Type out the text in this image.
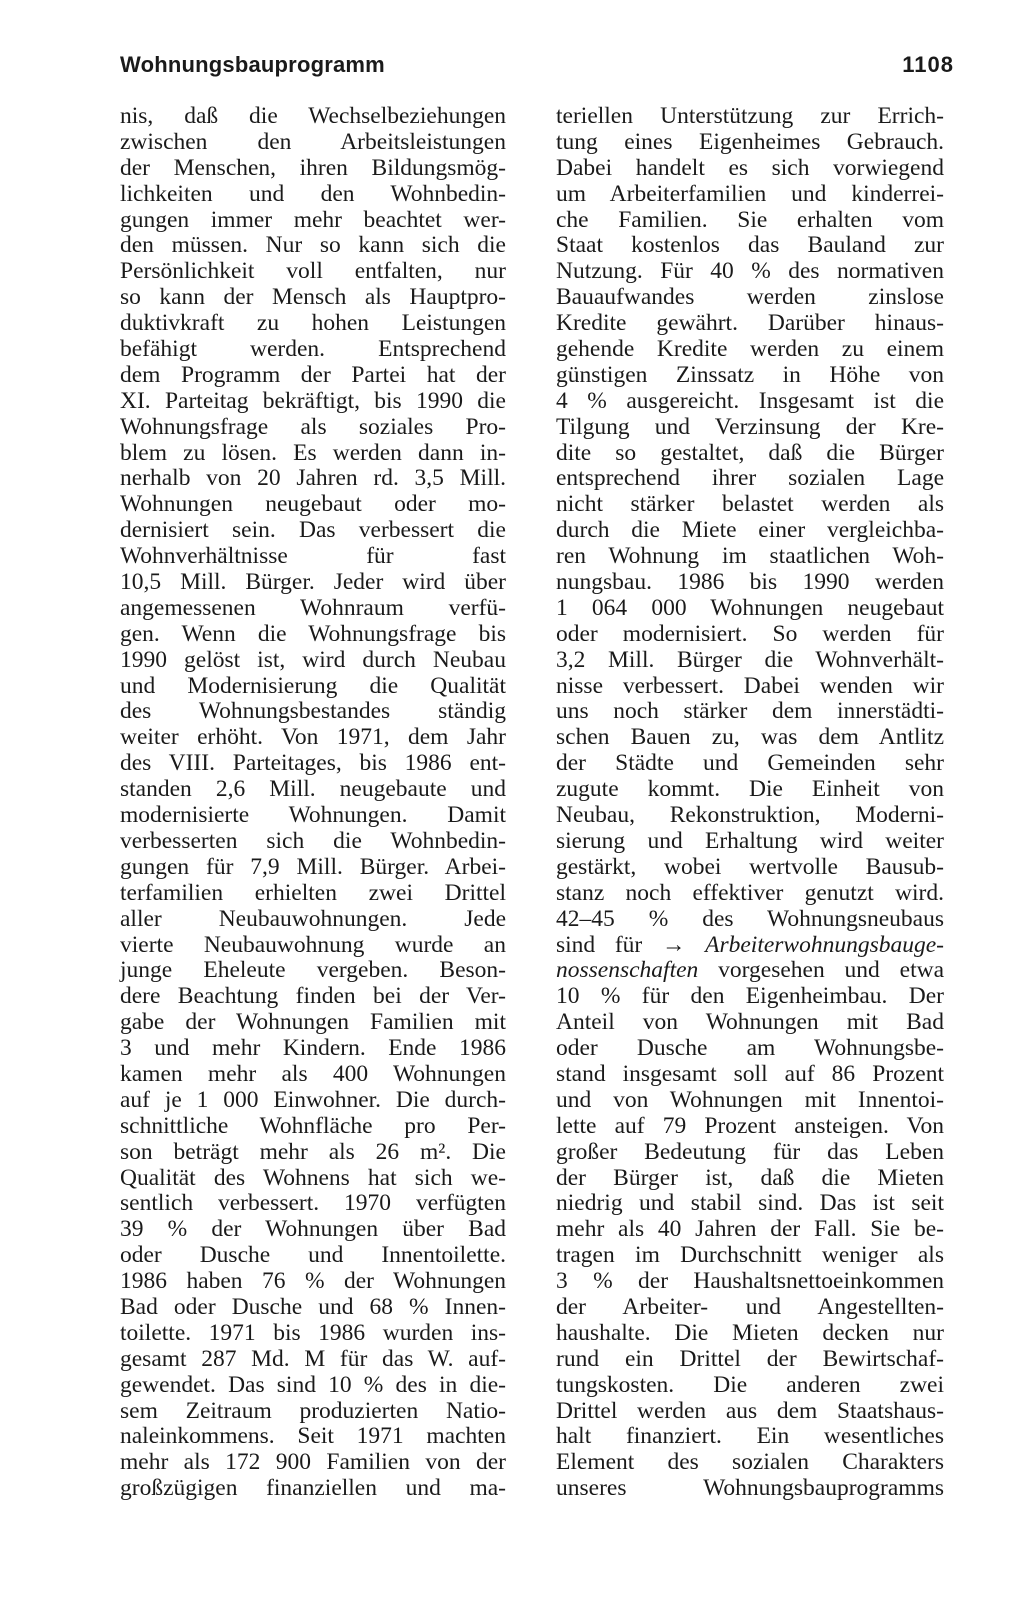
Wohnungsbauprogramm	1108
nis, daß die Wechselbeziehungen
zwischen den Arbeitsleistungen
der Menschen, ihren Bildungsmög-
lichkeiten und den Wohnbedin-
gungen immer mehr beachtet wer-
den müssen. Nur so kann sich die
Persönlichkeit voll entfalten, nur
so kann der Mensch als Hauptpro-
duktivkraft zu hohen Leistungen
befähigt werden. Entsprechend
dem Programm der Partei hat der
XI. Parteitag bekräftigt, bis 1990 die
Wohnungsfrage als soziales Pro-
blem zu lösen. Es werden dann in-
nerhalb von 20 Jahren rd. 3,5 Mill.
Wohnungen neugebaut oder mo-
dernisiert sein. Das verbessert die
Wohnverhältnisse für fast
10,5 Mill. Bürger. Jeder wird über
angemessenen Wohnraum verfü-
gen. Wenn die Wohnungsfrage bis
1990 gelöst ist, wird durch Neubau
und Modernisierung die Qualität
des Wohnungsbestandes ständig
weiter erhöht. Von 1971, dem Jahr
des VIII. Parteitages, bis 1986 ent-
standen 2,6 Mill. neugebaute und
modernisierte Wohnungen. Damit
verbesserten sich die Wohnbedin-
gungen für 7,9 Mill. Bürger. Arbei-
terfamilien erhielten zwei Drittel
aller Neubauwohnungen. Jede
vierte Neubauwohnung wurde an
junge Eheleute vergeben. Beson-
dere Beachtung finden bei der Ver-
gabe der Wohnungen Familien mit
3 und mehr Kindern. Ende 1986
kamen mehr als 400 Wohnungen
auf je 1 000 Einwohner. Die durch-
schnittliche Wohnfläche pro Per-
son beträgt mehr als 26 m². Die
Qualität des Wohnens hat sich we-
sentlich verbessert. 1970 verfügten
39 % der Wohnungen über Bad
oder Dusche und Innentoilette.
1986 haben 76 % der Wohnungen
Bad oder Dusche und 68 % Innen-
toilette. 1971 bis 1986 wurden ins-
gesamt 287 Md. M für das W. auf-
gewendet. Das sind 10 % des in die-
sem Zeitraum produzierten Natio-
naleinkommens. Seit 1971 machten
mehr als 172 900 Familien von der
großzügigen finanziellen und ma-
teriellen Unterstützung zur Errich-
tung eines Eigenheimes Gebrauch.
Dabei handelt es sich vorwiegend
um Arbeiterfamilien und kinderrei-
che Familien. Sie erhalten vom
Staat kostenlos das Bauland zur
Nutzung. Für 40 % des normativen
Bauaufwandes werden zinslose
Kredite gewährt. Darüber hinaus-
gehende Kredite werden zu einem
günstigen Zinssatz in Höhe von
4 % ausgereicht. Insgesamt ist die
Tilgung und Verzinsung der Kre-
dite so gestaltet, daß die Bürger
entsprechend ihrer sozialen Lage
nicht stärker belastet werden als
durch die Miete einer vergleichba-
ren Wohnung im staatlichen Woh-
nungsbau. 1986 bis 1990 werden
1 064 000 Wohnungen neugebaut
oder modernisiert. So werden für
3,2 Mill. Bürger die Wohnverhält-
nisse verbessert. Dabei wenden wir
uns noch stärker dem innerstädti-
schen Bauen zu, was dem Antlitz
der Städte und Gemeinden sehr
zugute kommt. Die Einheit von
Neubau, Rekonstruktion, Moderni-
sierung und Erhaltung wird weiter
gestärkt, wobei wertvolle Bausub-
stanz noch effektiver genutzt wird.
42–45 % des Wohnungsneubaus
sind für → Arbeiterwohnungsbauge-
nossenschaften vorgesehen und etwa
10 % für den Eigenheimbau. Der
Anteil von Wohnungen mit Bad
oder Dusche am Wohnungsbe-
stand insgesamt soll auf 86 Prozent
und von Wohnungen mit Innentoi-
lette auf 79 Prozent ansteigen. Von
großer Bedeutung für das Leben
der Bürger ist, daß die Mieten
niedrig und stabil sind. Das ist seit
mehr als 40 Jahren der Fall. Sie be-
tragen im Durchschnitt weniger als
3 % der Haushaltsnettoeinkommen
der Arbeiter- und Angestellten-
haushalte. Die Mieten decken nur
rund ein Drittel der Bewirtschaf-
tungskosten. Die anderen zwei
Drittel werden aus dem Staatshaus-
halt finanziert. Ein wesentliches
Element des sozialen Charakters
unseres Wohnungsbauprogramms
